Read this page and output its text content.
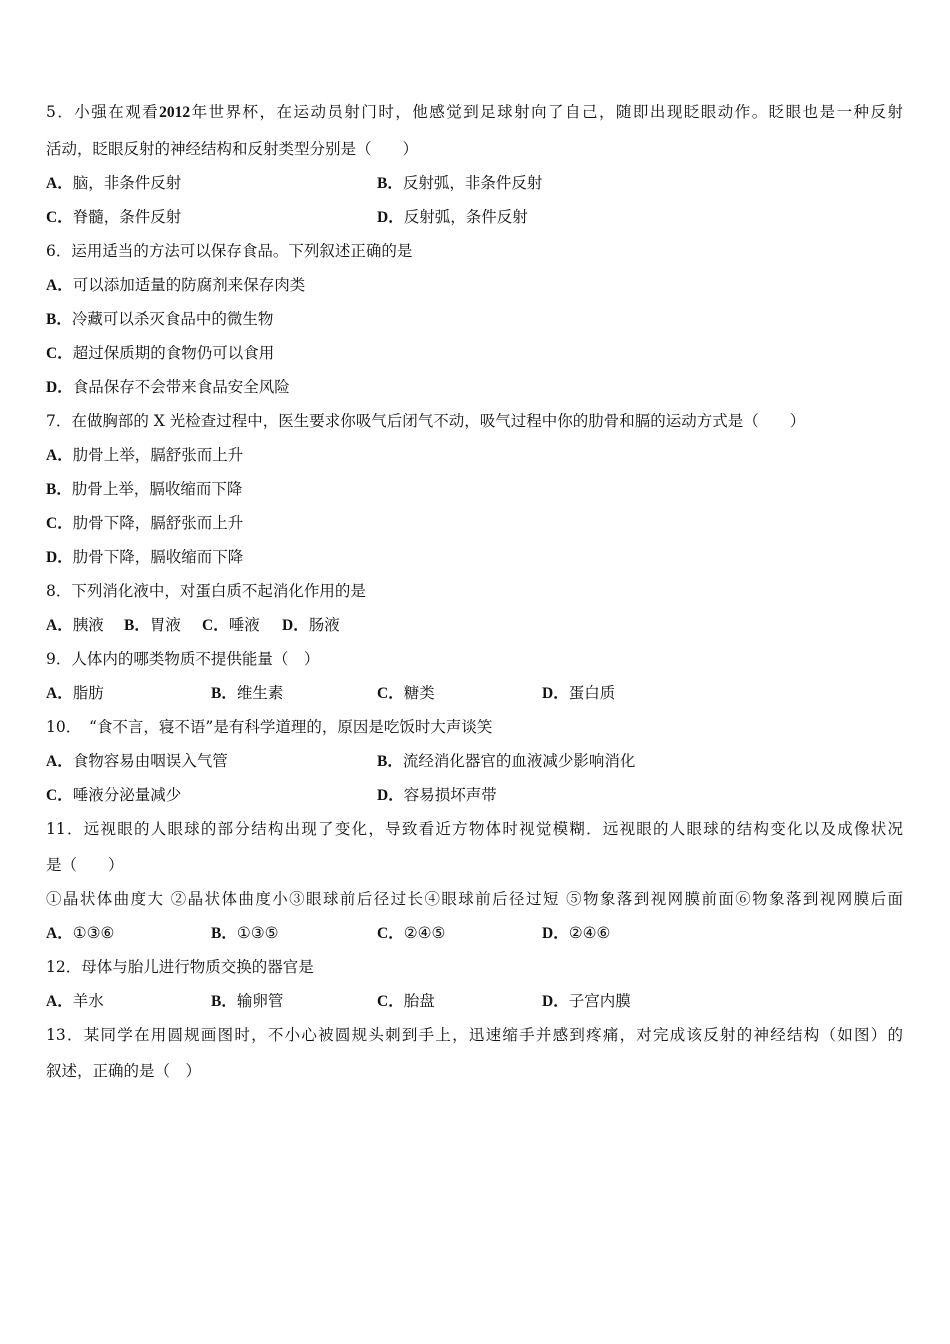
5．小强在观看2012年世界杯，在运动员射门时，他感觉到足球射向了自己，随即出现眨眼动作。眨眼也是一种反射
活动，眨眼反射的神经结构和反射类型分别是（　　）
A．脑，非条件反射	B．反射弧，非条件反射
C．脊髓，条件反射	D．反射弧，条件反射
6．运用适当的方法可以保存食品。下列叙述正确的是
A．可以添加适量的防腐剂来保存肉类
B．冷藏可以杀灭食品中的微生物
C．超过保质期的食物仍可以食用
D．食品保存不会带来食品安全风险
7．在做胸部的 X 光检查过程中，医生要求你吸气后闭气不动，吸气过程中你的肋骨和膈的运动方式是（　　）
A．肋骨上举，膈舒张而上升
B．肋骨上举，膈收缩而下降
C．肋骨下降，膈舒张而上升
D．肋骨下降，膈收缩而下降
8．下列消化液中，对蛋白质不起消化作用的是
A．胰液 B．胃液 C．唾液 D．肠液
9．人体内的哪类物质不提供能量（　）
A．脂肪	B．维生素	C．糖类	D．蛋白质
10．　“食不言，寝不语”是有科学道理的，原因是吃饭时大声谈笑
A．食物容易由咽误入气管	B．流经消化器官的血液减少影响消化
C．唾液分泌量减少	D．容易损坏声带
11．远视眼的人眼球的部分结构出现了变化，导致看近方物体时视觉模糊．远视眼的人眼球的结构变化以及成像状况
是（　　）
①晶状体曲度大 ②晶状体曲度小③眼球前后径过长④眼球前后径过短 ⑤物象落到视网膜前面⑥物象落到视网膜后面
A．①③⑥	B．①③⑤	C．②④⑤	D．②④⑥
12．母体与胎儿进行物质交换的器官是
A．羊水	B．输卵管	C．胎盘	D．子宫内膜
13．某同学在用圆规画图时，不小心被圆规头刺到手上，迅速缩手并感到疼痛，对完成该反射的神经结构（如图）的
叙述，正确的是（　）
